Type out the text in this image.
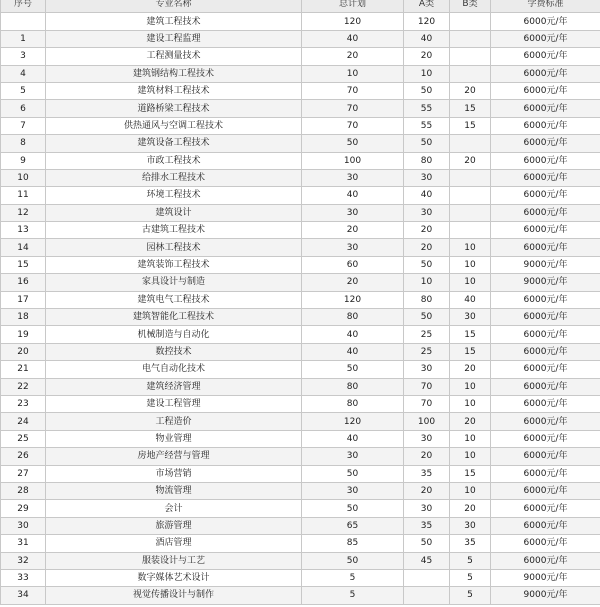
序号	专业名称	总计划	A类	B类	学费标准
	建筑工程技术	120	120		6000元/年
1	建设工程监理	40	40		6000元/年
3	工程测量技术	20	20		6000元/年
4	建筑钢结构工程技术	10	10		6000元/年
5	建筑材料工程技术	70	50	20	6000元/年
6	道路桥梁工程技术	70	55	15	6000元/年
7	供热通风与空调工程技术	70	55	15	6000元/年
8	建筑设备工程技术	50	50		6000元/年
9	市政工程技术	100	80	20	6000元/年
10	给排水工程技术	30	30		6000元/年
11	环境工程技术	40	40		6000元/年
12	建筑设计	30	30		6000元/年
13	古建筑工程技术	20	20		6000元/年
14	园林工程技术	30	20	10	6000元/年
15	建筑装饰工程技术	60	50	10	9000元/年
16	家具设计与制造	20	10	10	9000元/年
17	建筑电气工程技术	120	80	40	6000元/年
18	建筑智能化工程技术	80	50	30	6000元/年
19	机械制造与自动化	40	25	15	6000元/年
20	数控技术	40	25	15	6000元/年
21	电气自动化技术	50	30	20	6000元/年
22	建筑经济管理	80	70	10	6000元/年
23	建设工程管理	80	70	10	6000元/年
24	工程造价	120	100	20	6000元/年
25	物业管理	40	30	10	6000元/年
26	房地产经营与管理	30	20	10	6000元/年
27	市场营销	50	35	15	6000元/年
28	物流管理	30	20	10	6000元/年
29	会计	50	30	20	6000元/年
30	旅游管理	65	35	30	6000元/年
31	酒店管理	85	50	35	6000元/年
32	服装设计与工艺	50	45	5	6000元/年
33	数字媒体艺术设计	5		5	9000元/年
34	视觉传播设计与制作	5		5	9000元/年
